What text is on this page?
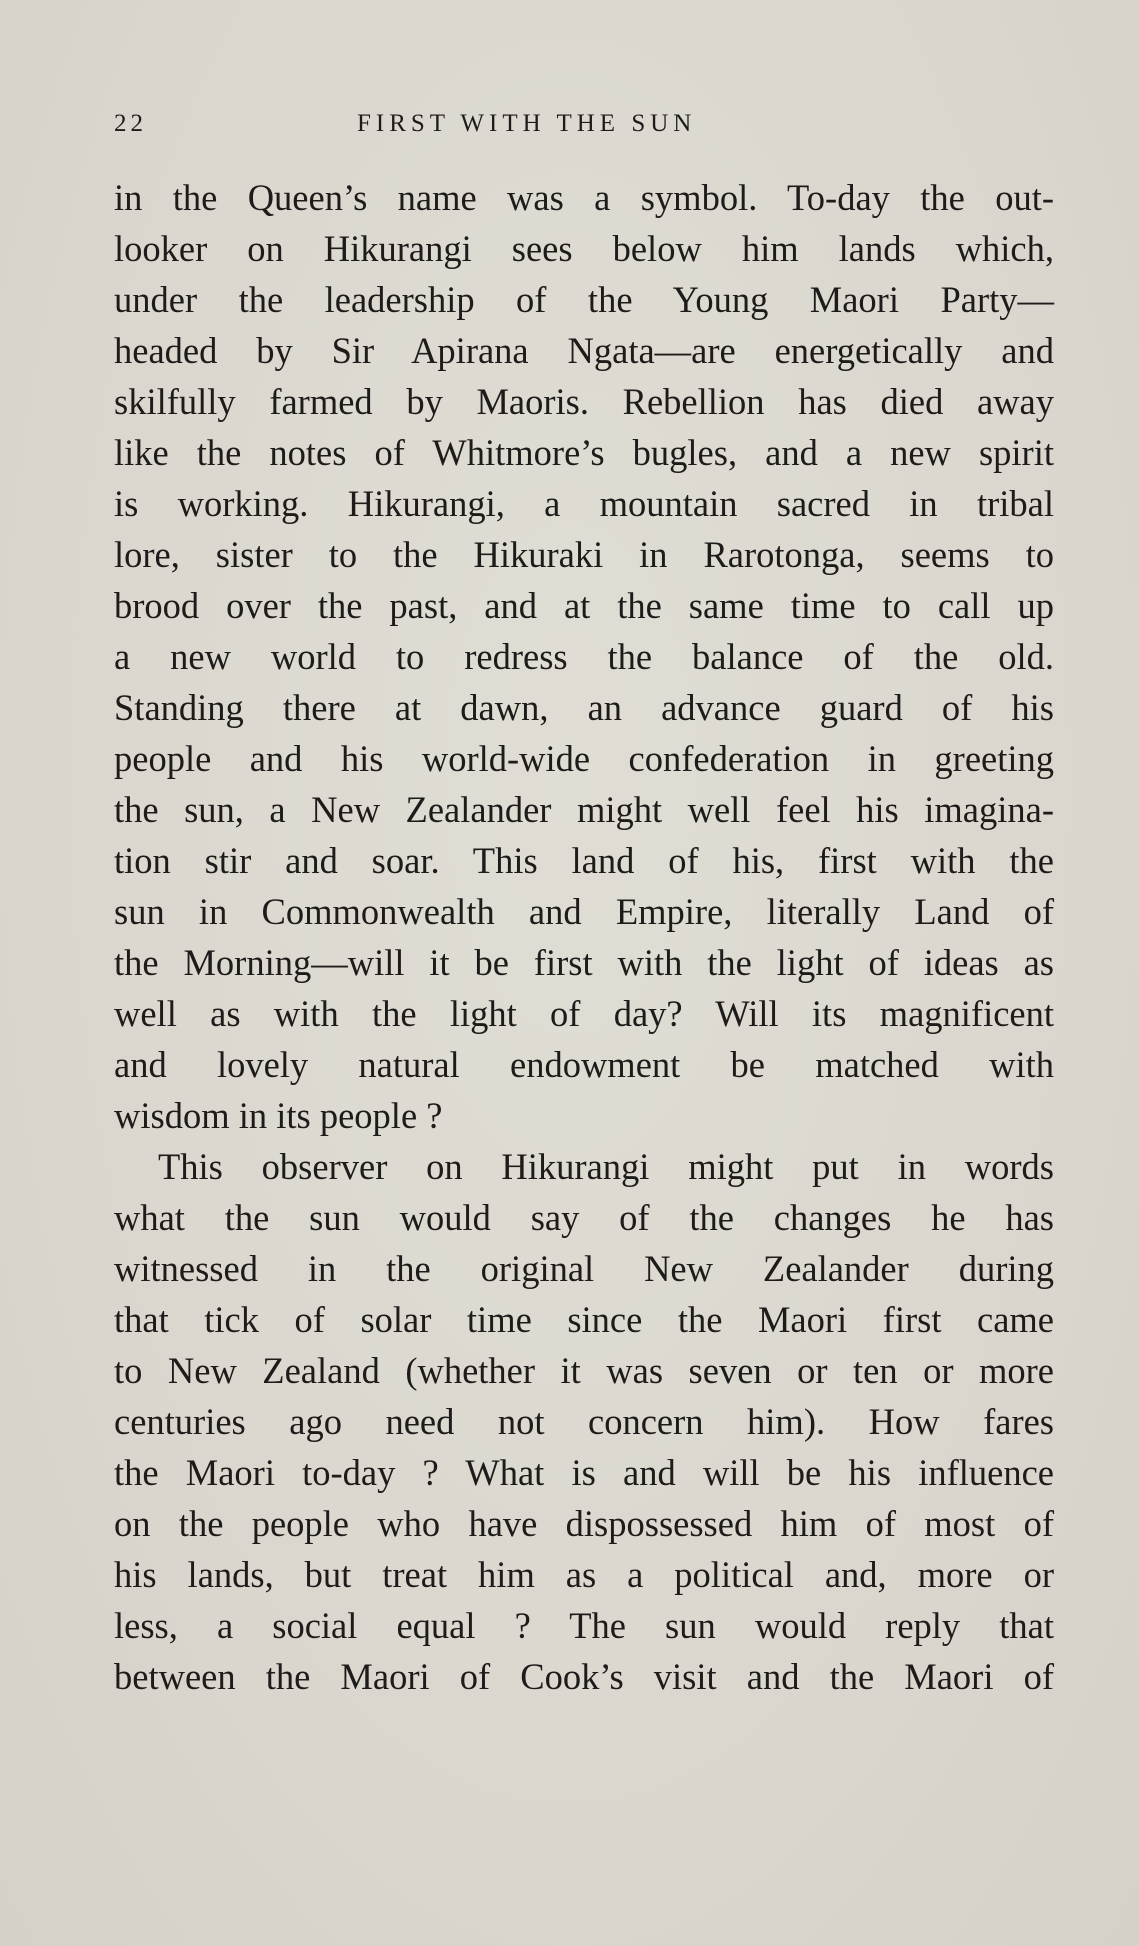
22	FIRST WITH THE SUN
in the Queen’s name was a symbol. To-day the out-
looker on Hikurangi sees below him lands which,
under the leadership of the Young Maori Party—
headed by Sir Apirana Ngata—are energetically and
skilfully farmed by Maoris. Rebellion has died away
like the notes of Whitmore’s bugles, and a new spirit
is working. Hikurangi, a mountain sacred in tribal
lore, sister to the Hikuraki in Rarotonga, seems to
brood over the past, and at the same time to call up
a new world to redress the balance of the old.
Standing there at dawn, an advance guard of his
people and his world-wide confederation in greeting
the sun, a New Zealander might well feel his imagina-
tion stir and soar. This land of his, first with the
sun in Commonwealth and Empire, literally Land of
the Morning—will it be first with the light of ideas as
well as with the light of day? Will its magnificent
and lovely natural endowment be matched with
wisdom in its people ?
This observer on Hikurangi might put in words
what the sun would say of the changes he has
witnessed in the original New Zealander during
that tick of solar time since the Maori first came
to New Zealand (whether it was seven or ten or more
centuries ago need not concern him). How fares
the Maori to-day ? What is and will be his influence
on the people who have dispossessed him of most of
his lands, but treat him as a political and, more or
less, a social equal ? The sun would reply that
between the Maori of Cook’s visit and the Maori of
